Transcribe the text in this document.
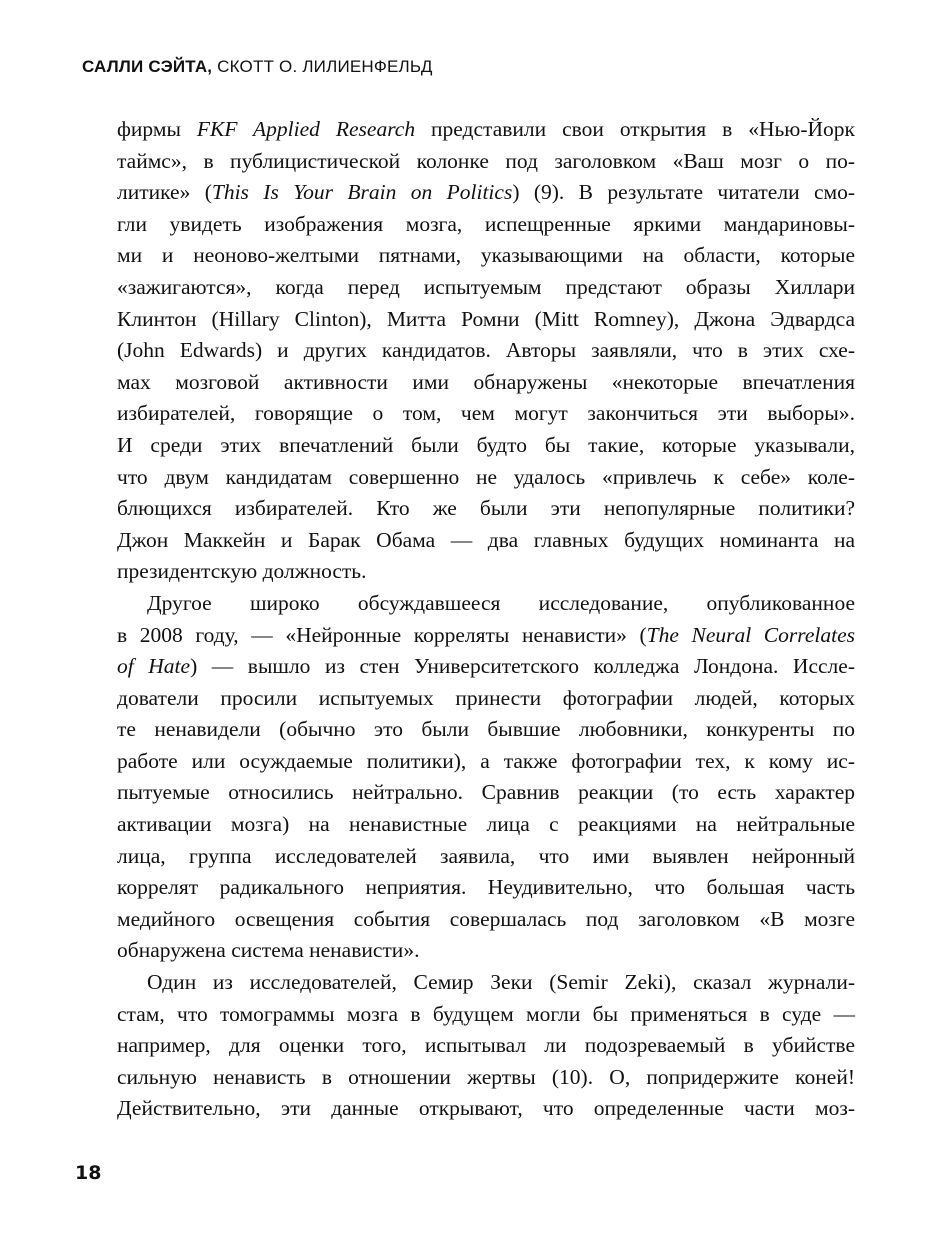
САЛЛИ СЭЙТА, СКОТТ О. ЛИЛИЕНФЕЛЬД
фирмы FKF Applied Research представили свои открытия в «Нью-Йорк
таймс», в публицистической колонке под заголовком «Ваш мозг о по-
литике» (This Is Your Brain on Politics) (9). В результате читатели смо-
гли увидеть изображения мозга, испещренные яркими мандариновы-
ми и неоново-желтыми пятнами, указывающими на области, которые
«зажигаются», когда перед испытуемым предстают образы Хиллари
Клинтон (Hillary Clinton), Митта Ромни (Mitt Romney), Джона Эдвардса
(John Edwards) и других кандидатов. Авторы заявляли, что в этих схе-
мах мозговой активности ими обнаружены «некоторые впечатления
избирателей, говорящие о том, чем могут закончиться эти выборы».
И среди этих впечатлений были будто бы такие, которые указывали,
что двум кандидатам совершенно не удалось «привлечь к себе» коле-
блющихся избирателей. Кто же были эти непопулярные политики?
Джон Маккейн и Барак Обама — два главных будущих номинанта на
президентскую должность.
Другое широко обсуждавшееся исследование, опубликованное
в 2008 году, — «Нейронные корреляты ненависти» (The Neural Correlates
of Hate) — вышло из стен Университетского колледжа Лондона. Иссле-
дователи просили испытуемых принести фотографии людей, которых
те ненавидели (обычно это были бывшие любовники, конкуренты по
работе или осуждаемые политики), а также фотографии тех, к кому ис-
пытуемые относились нейтрально. Сравнив реакции (то есть характер
активации мозга) на ненавистные лица с реакциями на нейтральные
лица, группа исследователей заявила, что ими выявлен нейронный
коррелят радикального неприятия. Неудивительно, что большая часть
медийного освещения события совершалась под заголовком «В мозге
обнаружена система ненависти».
Один из исследователей, Семир Зеки (Semir Zeki), сказал журнали-
стам, что томограммы мозга в будущем могли бы применяться в суде —
например, для оценки того, испытывал ли подозреваемый в убийстве
сильную ненависть в отношении жертвы (10). О, попридержите коней!
Действительно, эти данные открывают, что определенные части моз-
18
